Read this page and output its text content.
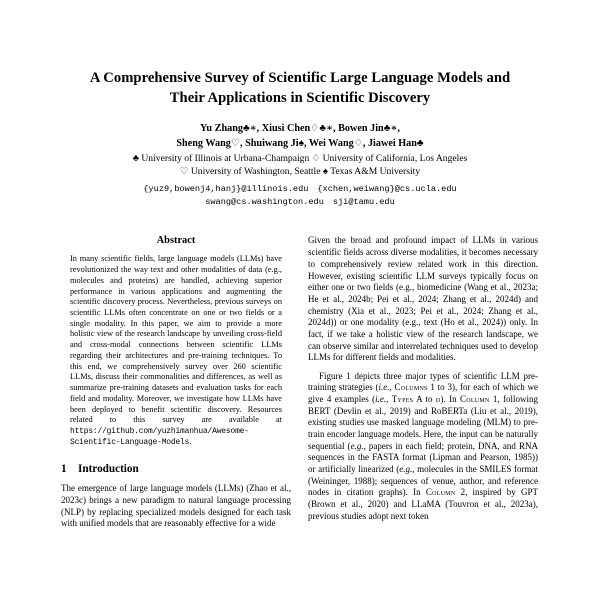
A Comprehensive Survey of Scientific Large Language Models and
Their Applications in Scientific Discovery
Yu Zhang♣∗, Xiusi Chen♢♣∗, Bowen Jin♣∗,
Sheng Wang♡, Shuiwang Ji♠, Wei Wang♢, Jiawei Han♣
♣ University of Illinois at Urbana-Champaign ♢ University of California, Los Angeles
♡ University of Washington, Seattle ♠ Texas A&M University
{yuz9,bowenj4,hanj}@illinois.edu {xchen,weiwang}@cs.ucla.edu
swang@cs.washington.edu sji@tamu.edu
Abstract
In many scientific fields, large language models (LLMs) have revolutionized the way text and other modalities of data (e.g., molecules and proteins) are handled, achieving superior performance in various applications and augmenting the scientific discovery process. Nevertheless, previous surveys on scientific LLMs often concentrate on one or two fields or a single modality. In this paper, we aim to provide a more holistic view of the research landscape by unveiling cross-field and cross-modal connections between scientific LLMs regarding their architectures and pre-training techniques. To this end, we comprehensively survey over 260 scientific LLMs, discuss their commonalities and differences, as well as summarize pre-training datasets and evaluation tasks for each field and modality. Moreover, we investigate how LLMs have been deployed to benefit scientific discovery. Resources related to this survey are available at https://github.com/yuzhimanhua/Awesome-Scientific-Language-Models.
1 Introduction

The emergence of large language models (LLMs) (Zhao et al., 2023c) brings a new paradigm to natural language processing (NLP) by replacing specialized models designed for each task with unified models that are reasonably effective for a wide

Given the broad and profound impact of LLMs in various scientific fields across diverse modalities, it becomes necessary to comprehensively review related work in this direction. However, existing scientific LLM surveys typically focus on either one or two fields (e.g., biomedicine (Wang et al., 2023a; He et al., 2024b; Pei et al., 2024; Zhang et al., 2024d) and chemistry (Xia et al., 2023; Pei et al., 2024; Zhang et al., 2024d)) or one modality (e.g., text (Ho et al., 2024)) only. In fact, if we take a holistic view of the research landscape, we can observe similar and interrelated techniques used to develop LLMs for different fields and modalities.

Figure 1 depicts three major types of scientific LLM pre-training strategies (i.e., Columns 1 to 3), for each of which we give 4 examples (i.e., Types A to d). In Column 1, following BERT (Devlin et al., 2019) and RoBERTa (Liu et al., 2019), existing studies use masked language modeling (MLM) to pre-train encoder language models. Here, the input can be naturally sequential (e.g., papers in each field; protein, DNA, and RNA sequences in the FASTA format (Lipman and Pearson, 1985)) or artificially linearized (e.g., molecules in the SMILES format (Weininger, 1988); sequences of venue, author, and reference nodes in citation graphs). In Column 2, inspired by GPT (Brown et al., 2020) and LLaMA (Touvron et al., 2023a), previous studies adopt next token
